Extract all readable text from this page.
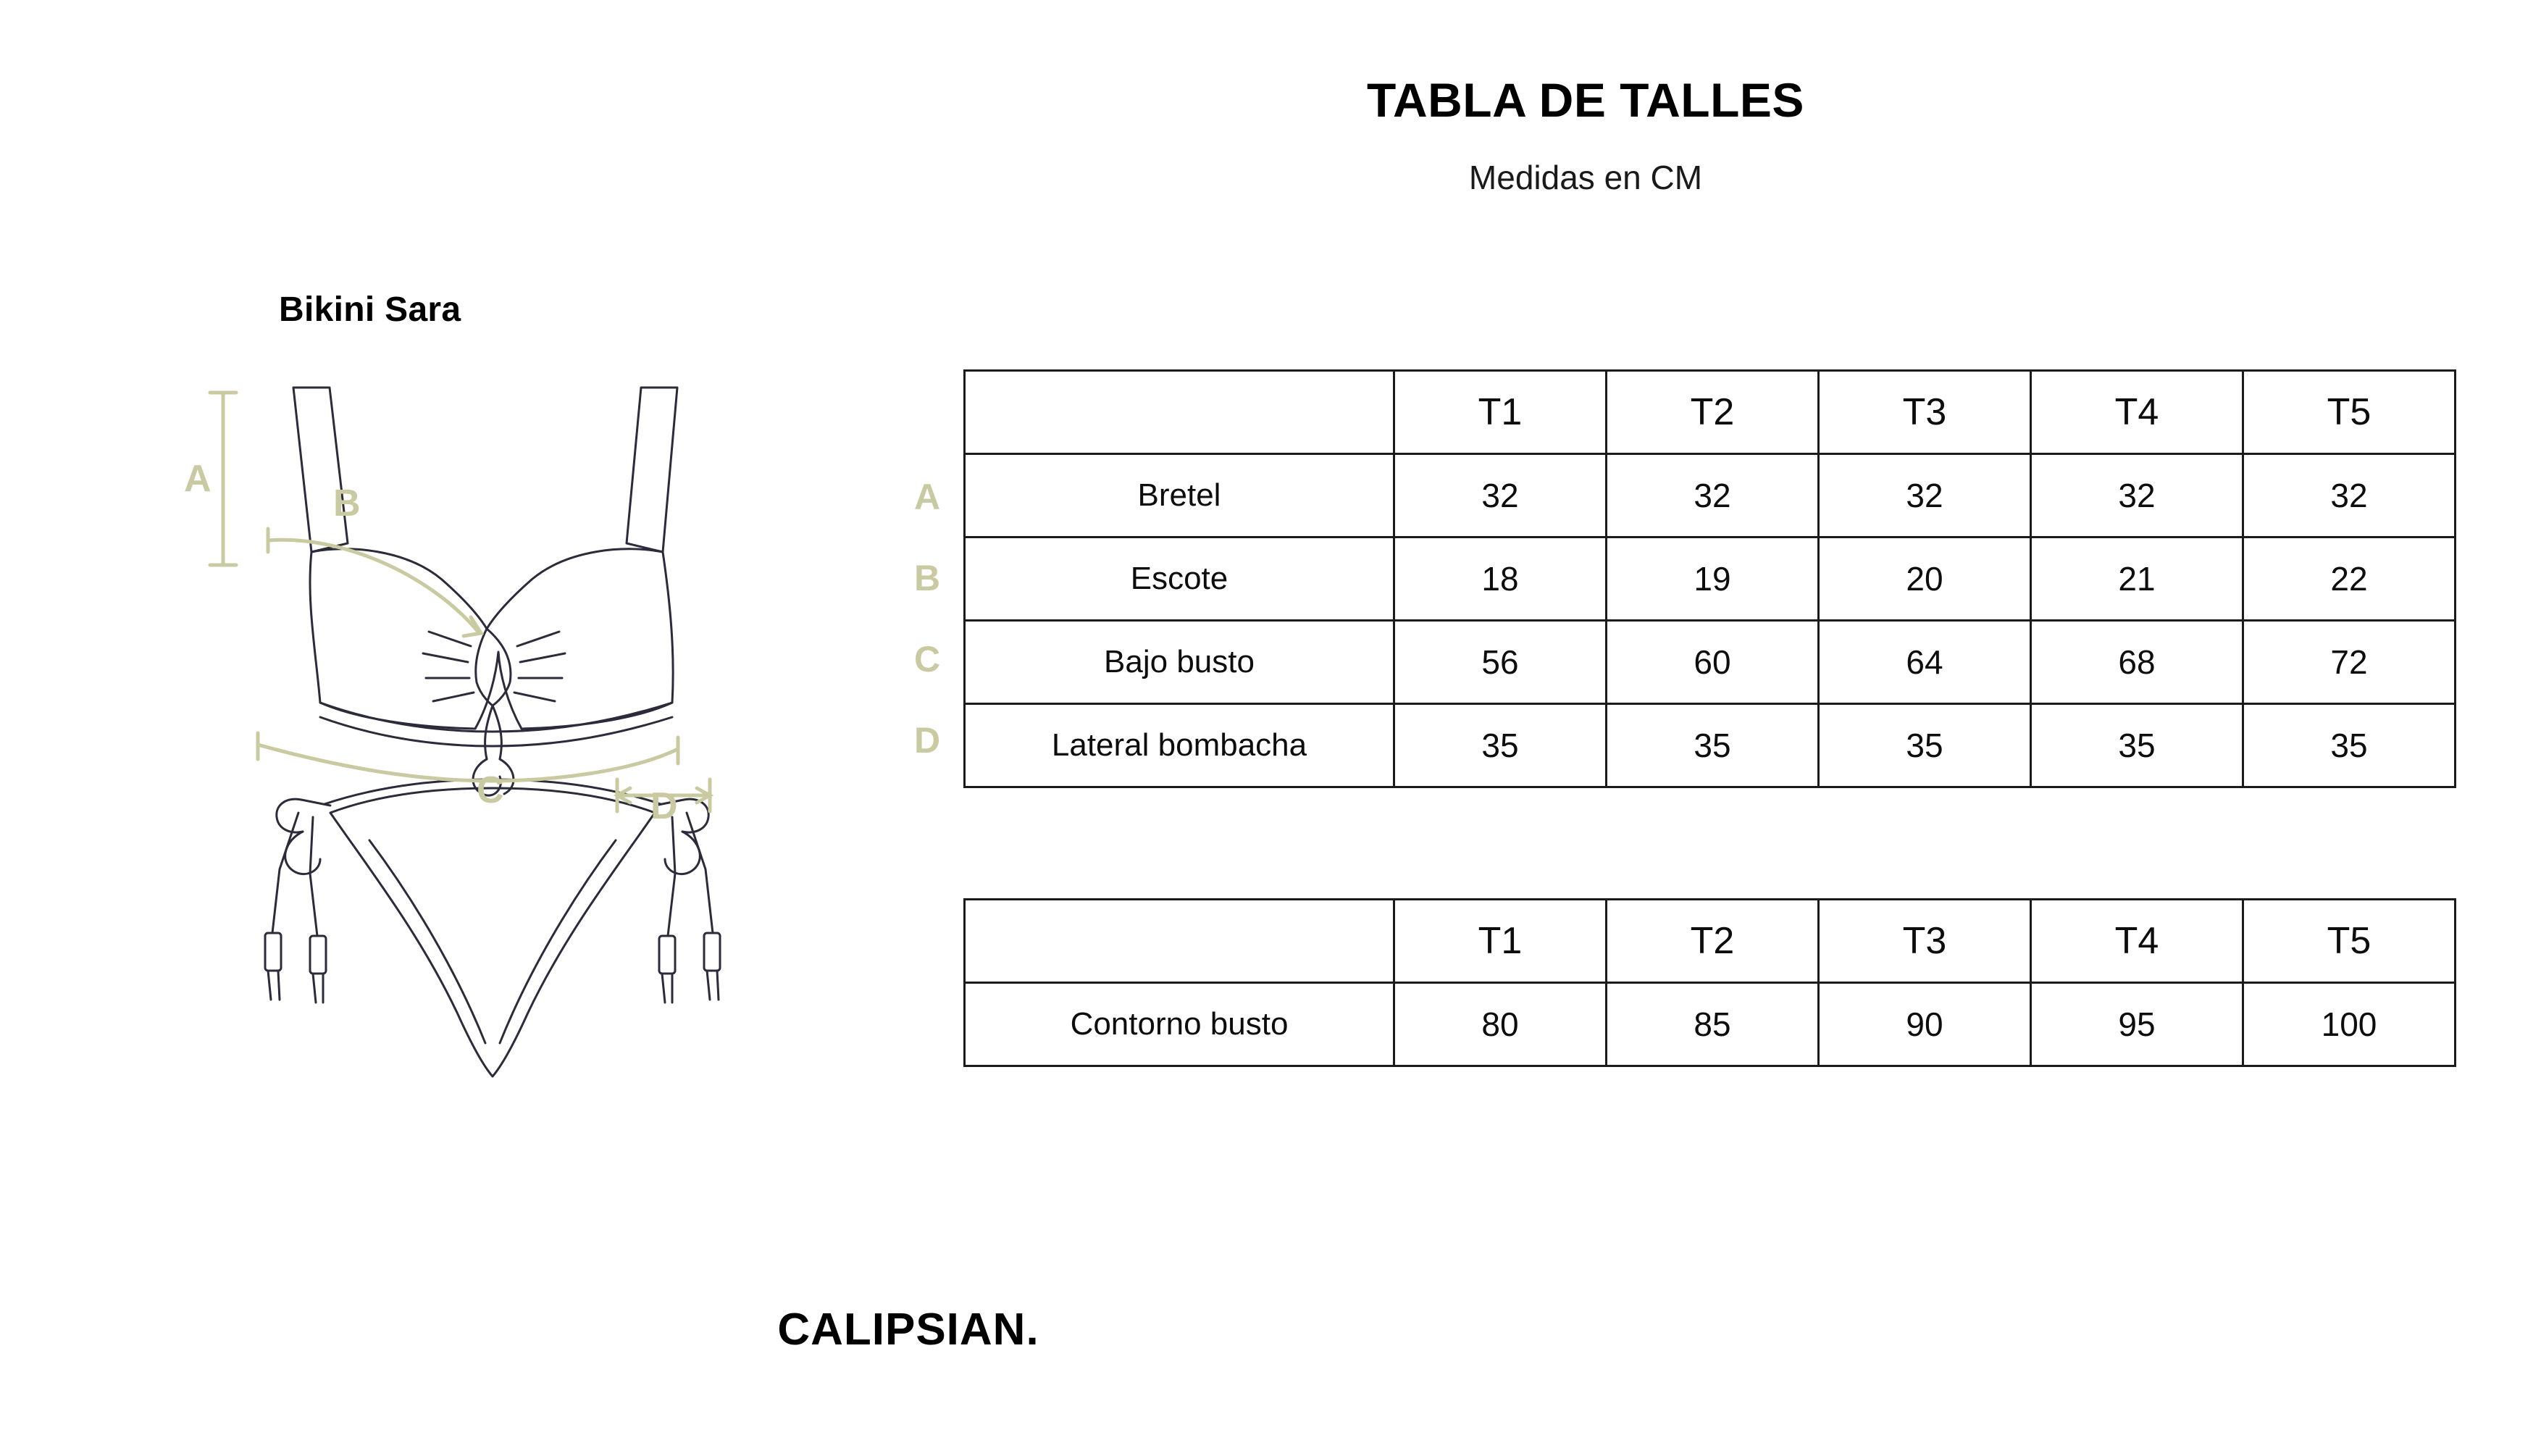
TABLA DE TALLES
Medidas en CM
Bikini Sara
A
B
C	D
A
B
C
D
	T1	T2	T3	T4	T5
Bretel	32	32	32	32	32
Escote	18	19	20	21	22
Bajo busto	56	60	64	68	72
Lateral bombacha	35	35	35	35	35
	T1	T2	T3	T4	T5
Contorno busto	80	85	90	95	100
CALIPSIAN.
